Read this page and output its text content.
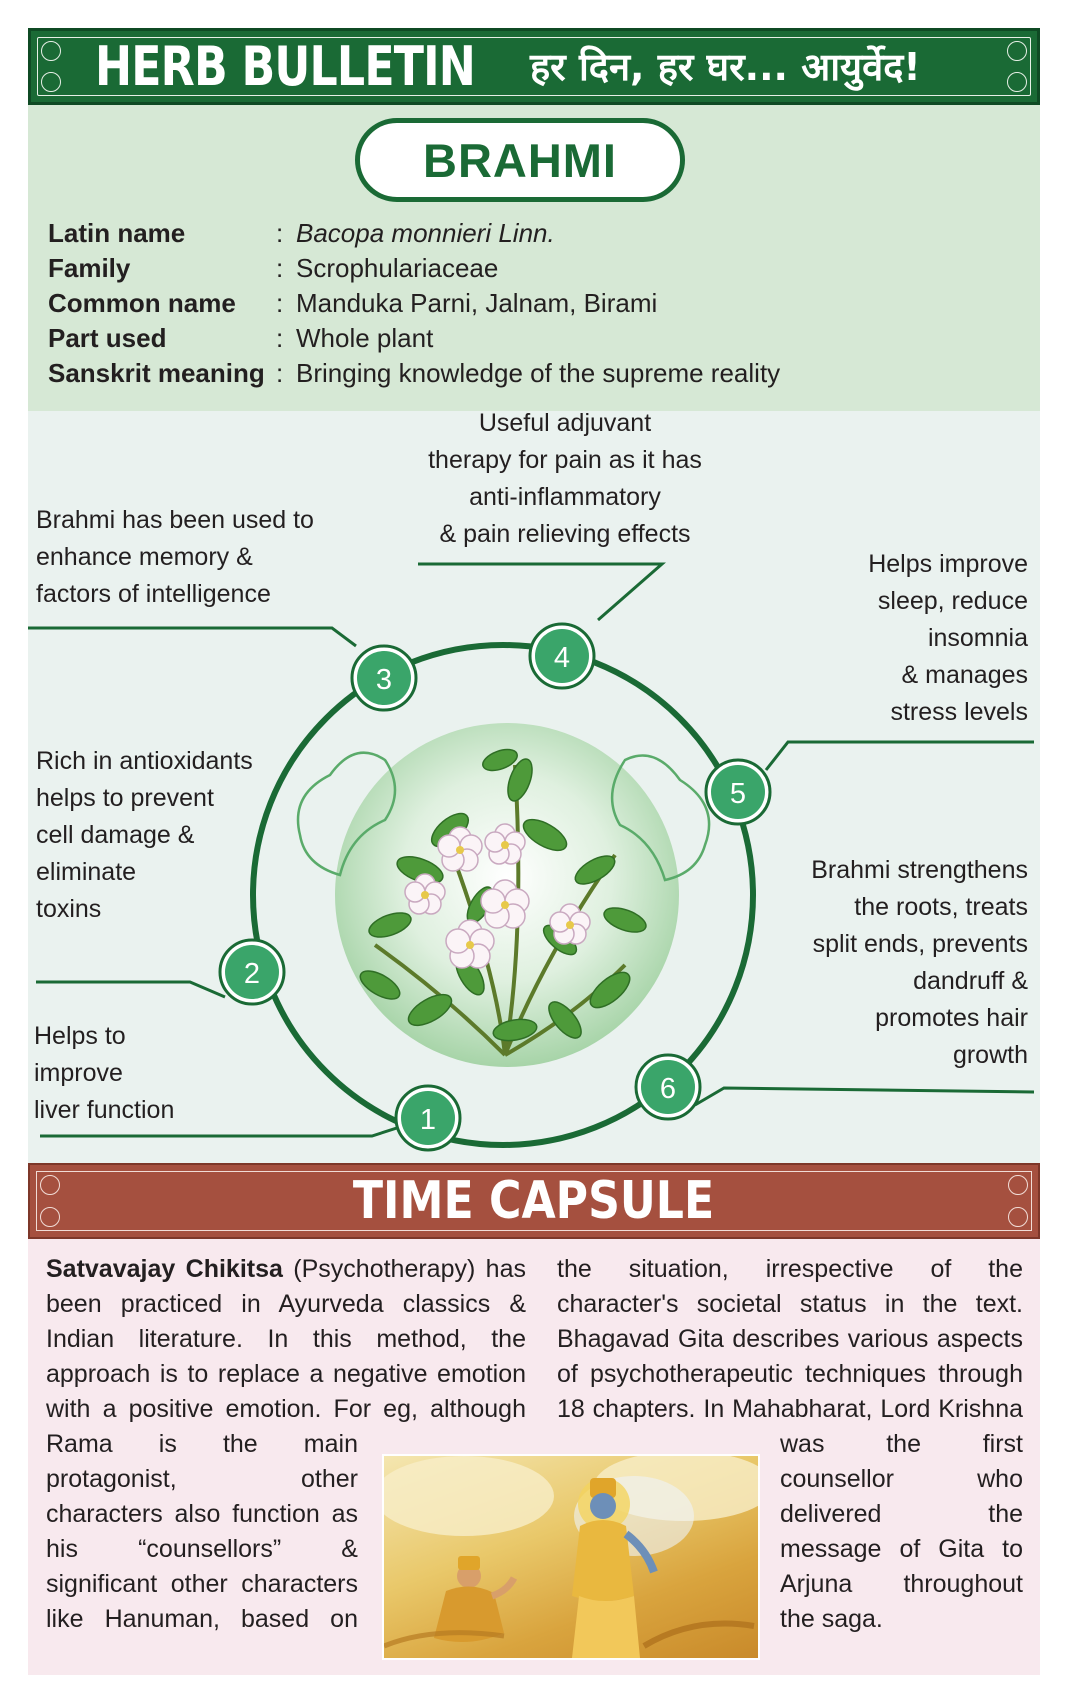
HERB BULLETIN हर दिन, हर घर... आयुर्वेद!
BRAHMI
Latin name	: Bacopa monnieri Linn.
Family	: Scrophulariaceae
Common name : Manduka Parni, Jalnam, Birami
Part used	: Whole plant
Sanskrit meaning : Bringing knowledge of the supreme reality
1
2
3
4
5
6
Helps to
improve
liver function
Rich in antioxidants
helps to prevent
cell damage &
eliminate
toxins
Brahmi has been used to
enhance memory &
factors of intelligence
Useful adjuvant
therapy for pain as it has
anti-inflammatory
& pain relieving effects
Helps improve
sleep, reduce
insomnia
& manages
stress levels
Brahmi strengthens
the roots, treats
split ends, prevents
dandruff &
promotes hair
growth
TIME CAPSULE
Satvavajay Chikitsa (Psychotherapy) has
been practiced in Ayurveda classics &
Indian literature. In this method, the
approach is to replace a negative emotion
with a positive emotion. For eg, although
Rama is the main
protagonist, other
characters also function as
his “counsellors” &
significant other characters
like Hanuman, based on
the situation, irrespective of the
character's societal status in the text.
Bhagavad Gita describes various aspects
of psychotherapeutic techniques through
18 chapters. In Mahabharat, Lord Krishna
was the first
counsellor who
delivered the
message of Gita to
Arjuna throughout
the saga.
